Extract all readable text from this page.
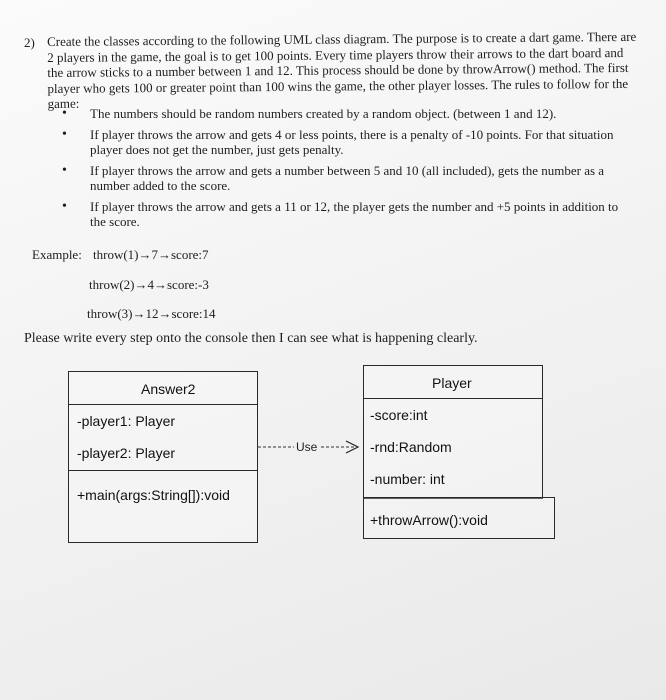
2) Create the classes according to the following UML class diagram. The purpose is to create a dart game. There are 2 players in the game, the goal is to get 100 points. Every time players throw their arrows to the dart board and the arrow sticks to a number between 1 and 12. This process should be done by throwArrow() method. The first player who gets 100 or greater point than 100 wins the game, the other player losses. The rules to follow for the game:

• The numbers should be random numbers created by a random object. (between 1 and 12).
• If player throws the arrow and gets 4 or less points, there is a penalty of -10 points. For that situation player does not get the number, just gets penalty.
• If player throws the arrow and gets a number between 5 and 10 (all included), gets the number as a number added to the score.
• If player throws the arrow and gets a 11 or 12, the player gets the number and +5 points in addition to the score.
Example: throw(1)→7→score:7
throw(2)→4→score:-3
throw(3)→12→score:14
Please write every step onto the console then I can see what is happening clearly.
Answer2
-player1: Player
-player2: Player
+main(args:String[]):void
Use
Player
-score:int
-rnd:Random
-number: int
+throwArrow():void
